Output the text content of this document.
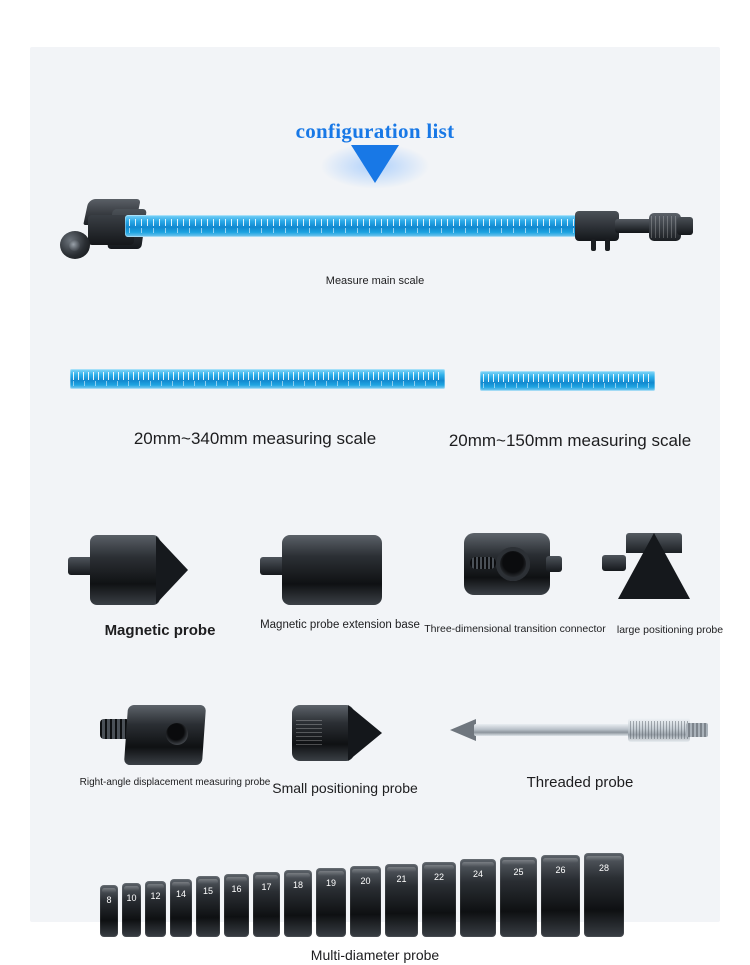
configuration list
Measure main scale
20mm~340mm measuring scale	20mm~150mm measuring scale
Magnetic probe	Magnetic probe extension base Three-dimensional transition connector	large positioning probe
Right-angle displacement measuring probe Small positioning probe	Threaded probe
8	10	12	14	15	16	17	18	19	20	21	22	24	25	26	28
Multi-diameter probe
